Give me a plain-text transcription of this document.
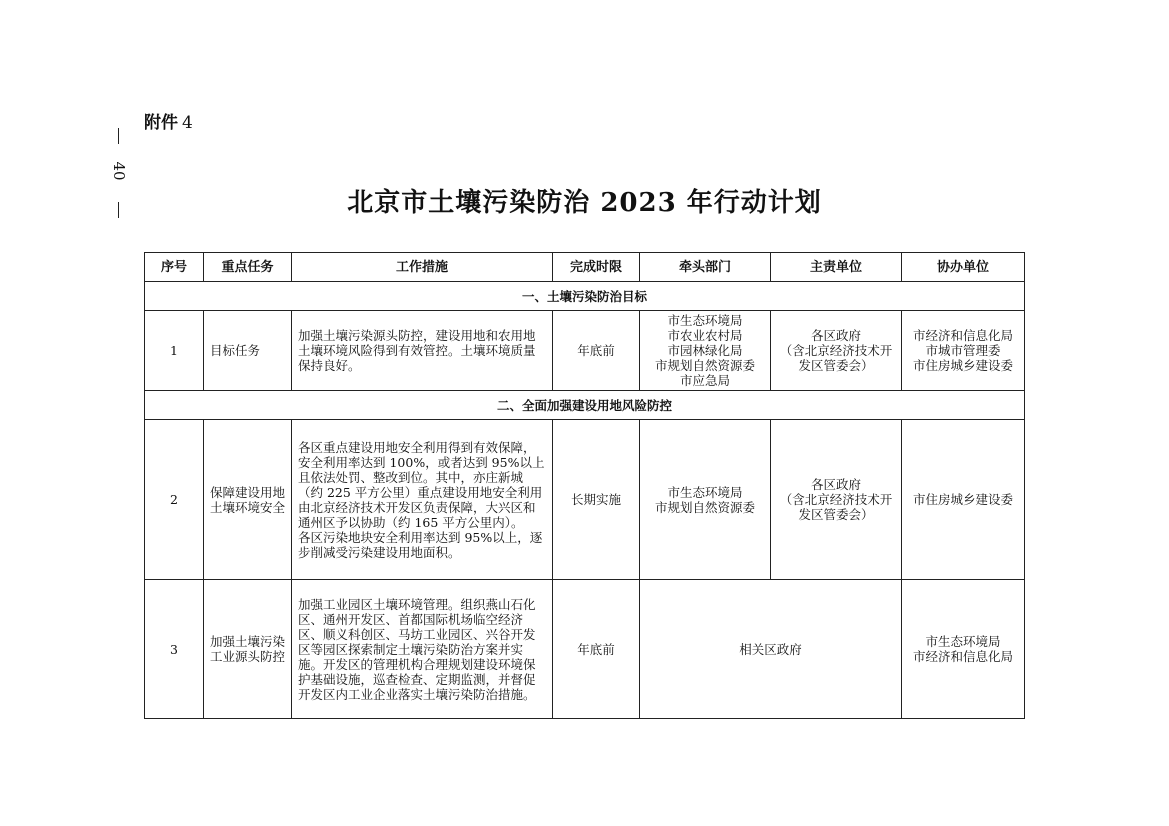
附件 4
40
北京市土壤污染防治 2023 年行动计划
序号	重点任务	工作措施	完成时限	牵头部门	主责单位	协办单位
一、土壤污染防治目标						
1	目标任务	加强土壤污染源头防控，建设用地和农用地土壤环境风险得到有效管控。土壤环境质量保持良好。	年底前	市生态环境局
市农业农村局
市园林绿化局
市规划自然资源委
市应急局	各区政府
（含北京经济技术开发区管委会）	市经济和信息化局
市城市管理委
市住房城乡建设委

二、全面加强建设用地风险防控						
2	保障建设用地土壤环境安全	各区重点建设用地安全利用得到有效保障，安全利用率达到 100%，或者达到 95%以上且依法处罚、整改到位。其中，亦庄新城（约 225 平方公里）重点建设用地安全利用由北京经济技术开发区负责保障，大兴区和通州区予以协助（约 165 平方公里内）。
各区污染地块安全利用率达到 95%以上，逐步削减受污染建设用地面积。	长期实施	市生态环境局
市规划自然资源委	各区政府
（含北京经济技术开发区管委会）	市住房城乡建设委

3	加强土壤污染工业源头防控	加强工业园区土壤环境管理。组织燕山石化区、通州开发区、首都国际机场临空经济区、顺义科创区、马坊工业园区、兴谷开发区等园区探索制定土壤污染防治方案并实施。开发区的管理机构合理规划建设环境保护基础设施，巡查检查、定期监测，并督促开发区内工业企业落实土壤污染防治措施。	年底前	相关区政府		市生态环境局
市经济和信息化局
